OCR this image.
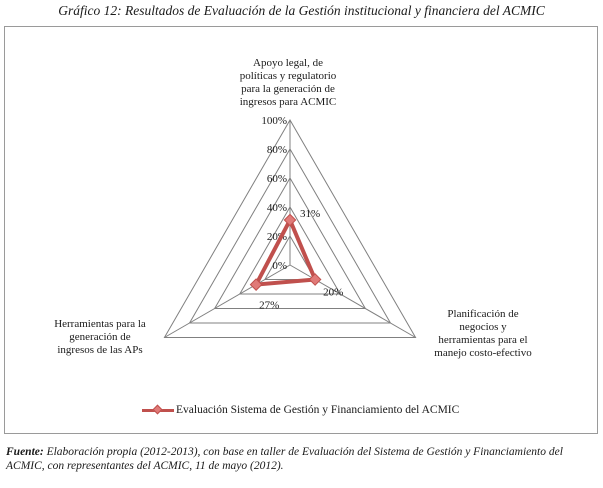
Gráfico 12: Resultados de Evaluación de la Gestión institucional y financiera del ACMIC
0%
20%
40%
60%
80%
100%
31%
20%
27%
Apoyo legal, de
políticas y regulatorio
para la generación de
ingresos para ACMIC
Planificación de
negocios y
herramientas para el
manejo costo-efectivo
Herramientas para la
generación de
ingresos de las APs
Evaluación Sistema de Gestión y Financiamiento del ACMIC
Fuente: Elaboración propia (2012-2013), con base en taller de Evaluación del Sistema de Gestión y Financiamiento del ACMIC, con representantes del ACMIC, 11 de mayo (2012).
